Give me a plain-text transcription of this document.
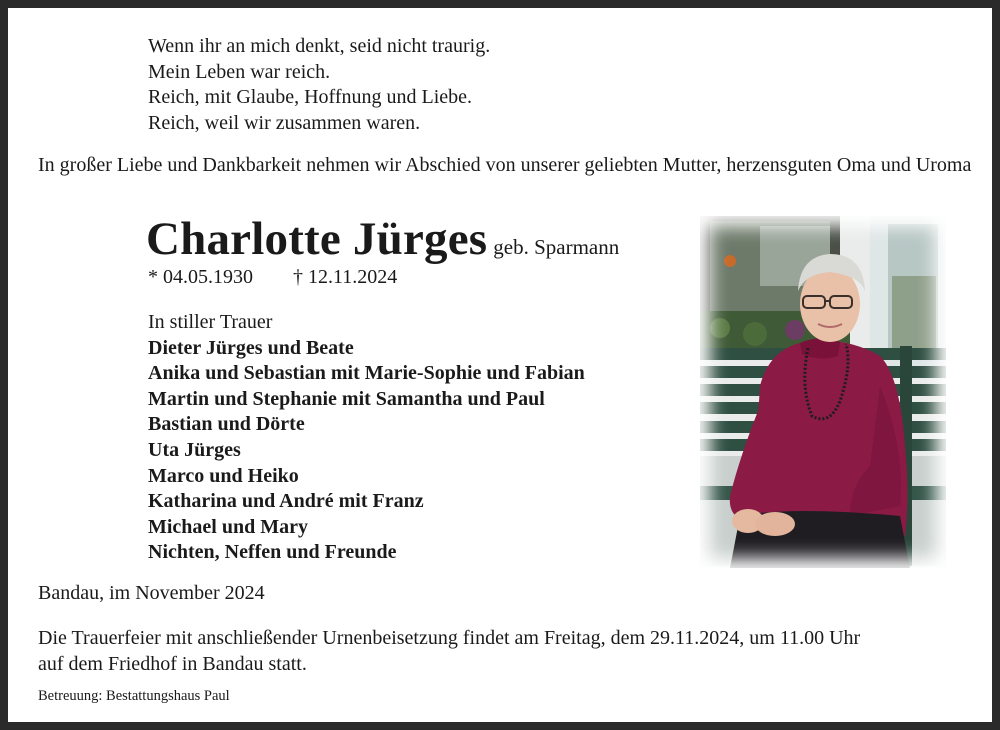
Wenn ihr an mich denkt, seid nicht traurig.
Mein Leben war reich.
Reich, mit Glaube, Hoffnung und Liebe.
Reich, weil wir zusammen waren.
In großer Liebe und Dankbarkeit nehmen wir Abschied von unserer geliebten Mutter, herzensguten Oma und Uroma
Charlotte Jürges geb. Sparmann
* 04.05.1930 † 12.11.2024
In stiller Trauer
Dieter Jürges und Beate
Anika und Sebastian mit Marie-Sophie und Fabian
Martin und Stephanie mit Samantha und Paul
Bastian und Dörte
Uta Jürges
Marco und Heiko
Katharina und André mit Franz
Michael und Mary
Nichten, Neffen und Freunde
Bandau, im November 2024
Die Trauerfeier mit anschließender Urnenbeisetzung findet am Freitag, dem 29.11.2024, um 11.00 Uhr
auf dem Friedhof in Bandau statt.
Betreuung: Bestattungshaus Paul
